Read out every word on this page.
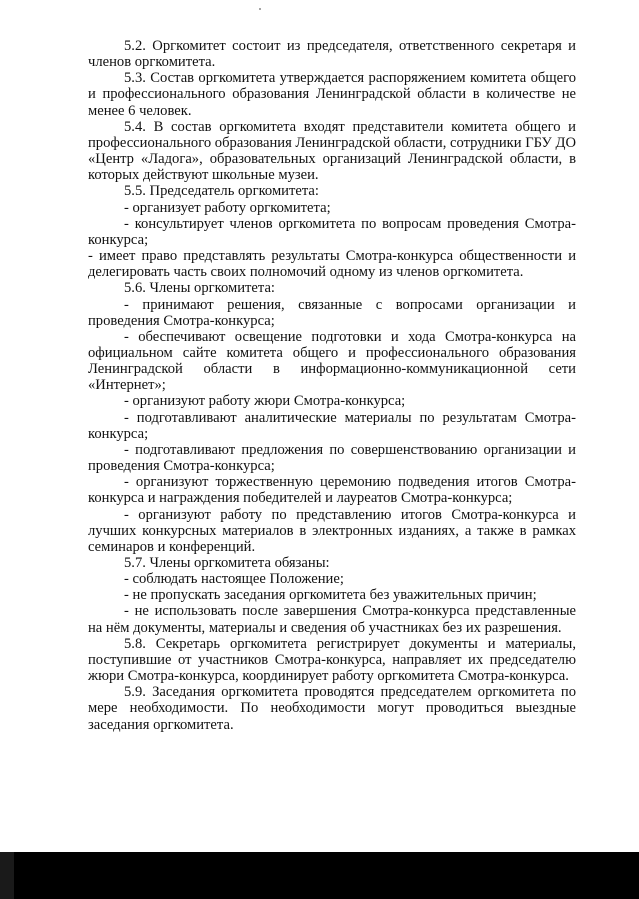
5.2. Оргкомитет состоит из председателя, ответственного секретаря и членов оргкомитета.

5.3. Состав оргкомитета утверждается распоряжением комитета общего и профессионального образования Ленинградской области в количестве не менее 6 человек.

5.4. В состав оргкомитета входят представители комитета общего и профессионального образования Ленинградской области, сотрудники ГБУ ДО «Центр «Ладога», образовательных организаций Ленинградской области, в которых действуют школьные музеи.

5.5. Председатель оргкомитета:

- организует работу оргкомитета;

- консультирует членов оргкомитета по вопросам проведения Смотра-конкурса;

- имеет право представлять результаты Смотра-конкурса общественности и делегировать часть своих полномочий одному из членов оргкомитета.

5.6. Члены оргкомитета:

- принимают решения, связанные с вопросами организации и проведения Смотра-конкурса;

- обеспечивают освещение подготовки и хода Смотра-конкурса на официальном сайте комитета общего и профессионального образования Ленинградской области в информационно-коммуникационной сети «Интернет»;

- организуют работу жюри Смотра-конкурса;

- подготавливают аналитические материалы по результатам Смотра-конкурса;

- подготавливают предложения по совершенствованию организации и проведения Смотра-конкурса;

- организуют торжественную церемонию подведения итогов Смотра-конкурса и награждения победителей и лауреатов Смотра-конкурса;

- организуют работу по представлению итогов Смотра-конкурса и лучших конкурсных материалов в электронных изданиях, а также в рамках семинаров и конференций.

5.7. Члены оргкомитета обязаны:

- соблюдать настоящее Положение;

- не пропускать заседания оргкомитета без уважительных причин;

- не использовать после завершения Смотра-конкурса представленные на нём документы, материалы и сведения об участниках без их разрешения.

5.8. Секретарь оргкомитета регистрирует документы и материалы, поступившие от участников Смотра-конкурса, направляет их председателю жюри Смотра-конкурса, координирует работу оргкомитета Смотра-конкурса.

5.9. Заседания оргкомитета проводятся председателем оргкомитета по мере необходимости. По необходимости могут проводиться выездные заседания оргкомитета.
